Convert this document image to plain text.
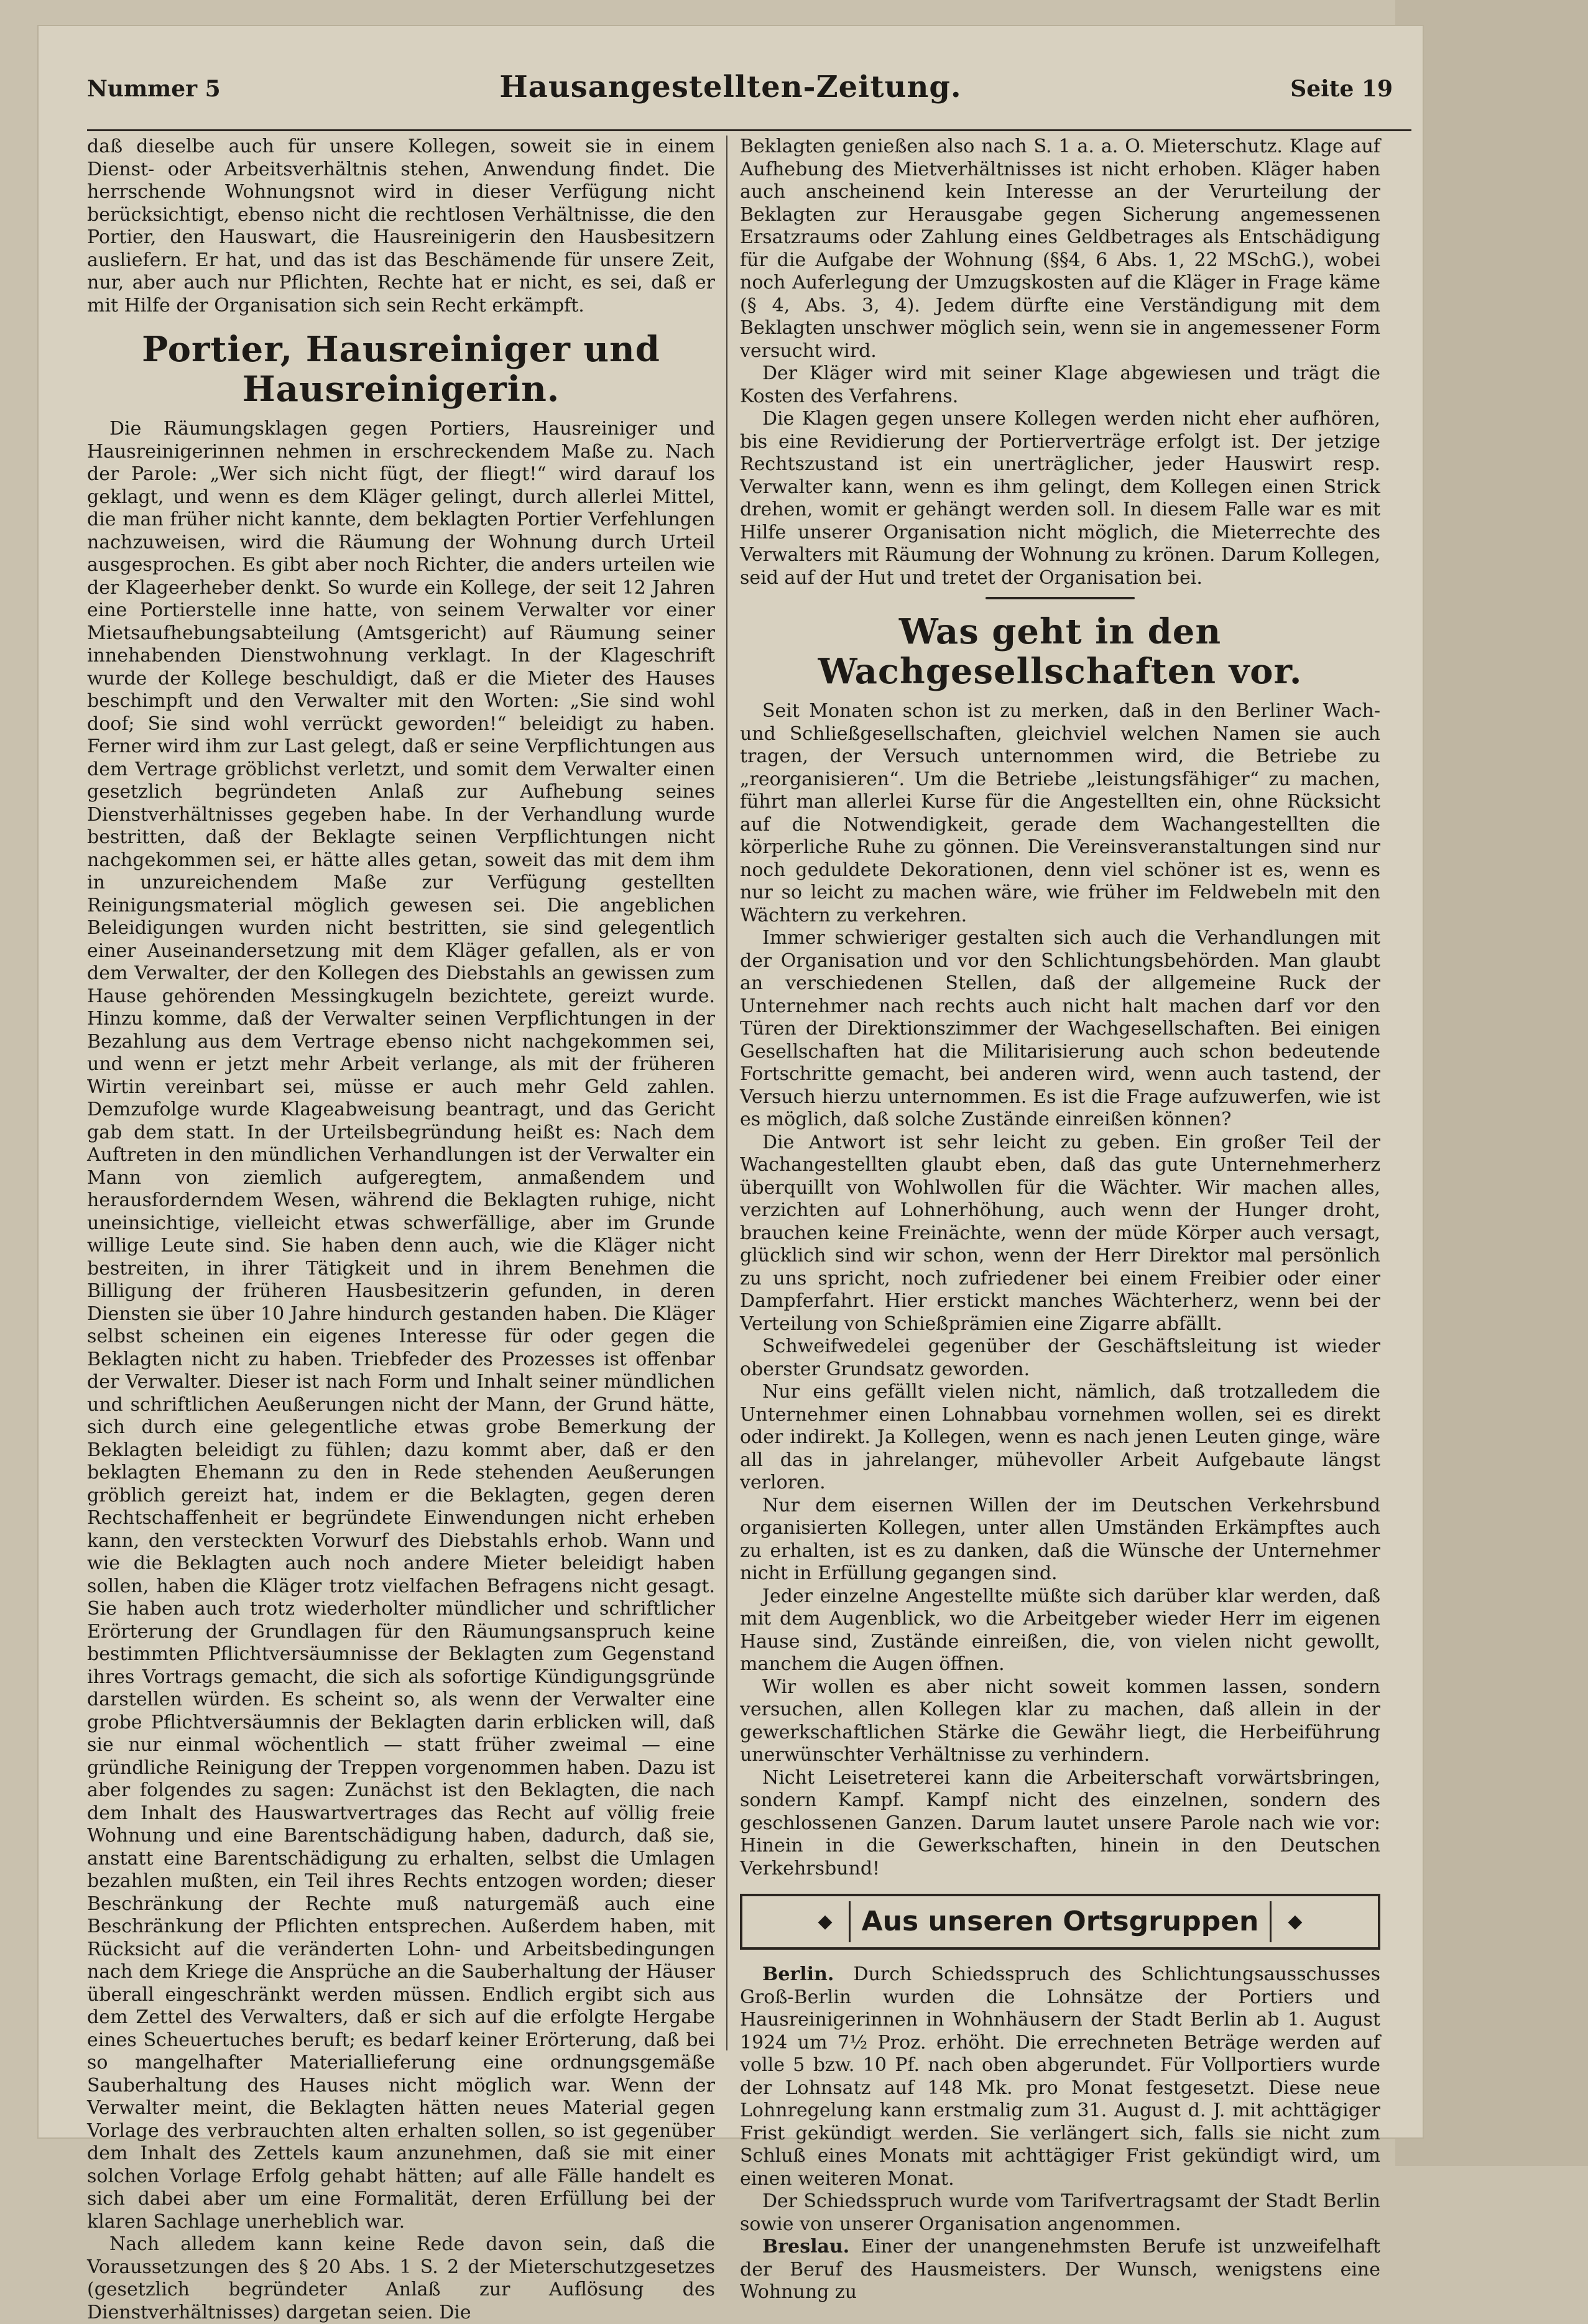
Nummer 5	Hausangestellten-Zeitung.	Seite 19

daß dieselbe auch für unsere Kollegen, soweit sie in einem Dienst- oder Arbeitsverhältnis stehen, Anwendung findet. Die herrschende Wohnungsnot wird in dieser Verfügung nicht berücksichtigt, ebenso nicht die rechtlosen Verhältnisse, die den Portier, den Hauswart, die Hausreinigerin den Hausbesitzern ausliefern. Er hat, und das ist das Beschämende für unsere Zeit, nur, aber auch nur Pflichten, Rechte hat er nicht, es sei, daß er mit Hilfe der Organisation sich sein Recht erkämpft.

Portier, Hausreiniger und Hausreinigerin.

Die Räumungsklagen gegen Portiers, Hausreiniger und Hausreinigerinnen nehmen in erschreckendem Maße zu. Nach der Parole: „Wer sich nicht fügt, der fliegt!“ wird darauf los geklagt, und wenn es dem Kläger gelingt, durch allerlei Mittel, die man früher nicht kannte, dem beklagten Portier Verfehlungen nachzuweisen, wird die Räumung der Wohnung durch Urteil ausgesprochen. Es gibt aber noch Richter, die anders urteilen wie der Klageerheber denkt. So wurde ein Kollege, der seit 12 Jahren eine Portierstelle inne hatte, von seinem Verwalter vor einer Mietsaufhebungsabteilung (Amtsgericht) auf Räumung seiner innehabenden Dienstwohnung verklagt. In der Klageschrift wurde der Kollege beschuldigt, daß er die Mieter des Hauses beschimpft und den Verwalter mit den Worten: „Sie sind wohl doof; Sie sind wohl verrückt geworden!“ beleidigt zu haben. Ferner wird ihm zur Last gelegt, daß er seine Verpflichtungen aus dem Vertrage gröblichst verletzt, und somit dem Verwalter einen gesetzlich begründeten Anlaß zur Aufhebung seines Dienstverhältnisses gegeben habe. In der Verhandlung wurde bestritten, daß der Beklagte seinen Verpflichtungen nicht nachgekommen sei, er hätte alles getan, soweit das mit dem ihm in unzureichendem Maße zur Verfügung gestellten Reinigungsmaterial möglich gewesen sei. Die angeblichen Beleidigungen wurden nicht bestritten, sie sind gelegentlich einer Auseinandersetzung mit dem Kläger gefallen, als er von dem Verwalter, der den Kollegen des Diebstahls an gewissen zum Hause gehörenden Messingkugeln bezichtete, gereizt wurde. Hinzu komme, daß der Verwalter seinen Verpflichtungen in der Bezahlung aus dem Vertrage ebenso nicht nachgekommen sei, und wenn er jetzt mehr Arbeit verlange, als mit der früheren Wirtin vereinbart sei, müsse er auch mehr Geld zahlen. Demzufolge wurde Klageabweisung beantragt, und das Gericht gab dem statt. In der Urteilsbegründung heißt es: Nach dem Auftreten in den mündlichen Verhandlungen ist der Verwalter ein Mann von ziemlich aufgeregtem, anmaßendem und herausforderndem Wesen, während die Beklagten ruhige, nicht uneinsichtige, vielleicht etwas schwerfällige, aber im Grunde willige Leute sind. Sie haben denn auch, wie die Kläger nicht bestreiten, in ihrer Tätigkeit und in ihrem Benehmen die Billigung der früheren Hausbesitzerin gefunden, in deren Diensten sie über 10 Jahre hindurch gestanden haben. Die Kläger selbst scheinen ein eigenes Interesse für oder gegen die Beklagten nicht zu haben. Triebfeder des Prozesses ist offenbar der Verwalter. Dieser ist nach Form und Inhalt seiner mündlichen und schriftlichen Aeußerungen nicht der Mann, der Grund hätte, sich durch eine gelegentliche etwas grobe Bemerkung der Beklagten beleidigt zu fühlen; dazu kommt aber, daß er den beklagten Ehemann zu den in Rede stehenden Aeußerungen gröblich gereizt hat, indem er die Beklagten, gegen deren Rechtschaffenheit er begründete Einwendungen nicht erheben kann, den versteckten Vorwurf des Diebstahls erhob. Wann und wie die Beklagten auch noch andere Mieter beleidigt haben sollen, haben die Kläger trotz vielfachen Befragens nicht gesagt. Sie haben auch trotz wiederholter mündlicher und schriftlicher Erörterung der Grundlagen für den Räumungsanspruch keine bestimmten Pflichtversäumnisse der Beklagten zum Gegenstand ihres Vortrags gemacht, die sich als sofortige Kündigungsgründe darstellen würden. Es scheint so, als wenn der Verwalter eine grobe Pflichtversäumnis der Beklagten darin erblicken will, daß sie nur einmal wöchentlich — statt früher zweimal — eine gründliche Reinigung der Treppen vorgenommen haben. Dazu ist aber folgendes zu sagen: Zunächst ist den Beklagten, die nach dem Inhalt des Hauswartvertrages das Recht auf völlig freie Wohnung und eine Barentschädigung haben, dadurch, daß sie, anstatt eine Barentschädigung zu erhalten, selbst die Umlagen bezahlen mußten, ein Teil ihres Rechts entzogen worden; dieser Beschränkung der Rechte muß naturgemäß auch eine Beschränkung der Pflichten entsprechen. Außerdem haben, mit Rücksicht auf die veränderten Lohn- und Arbeitsbedingungen nach dem Kriege die Ansprüche an die Sauberhaltung der Häuser überall eingeschränkt werden müssen. Endlich ergibt sich aus dem Zettel des Verwalters, daß er sich auf die erfolgte Hergabe eines Scheuertuches beruft; es bedarf keiner Erörterung, daß bei so mangelhafter Materiallieferung eine ordnungsgemäße Sauberhaltung des Hauses nicht möglich war. Wenn der Verwalter meint, die Beklagten hätten neues Material gegen Vorlage des verbrauchten alten erhalten sollen, so ist gegenüber dem Inhalt des Zettels kaum anzunehmen, daß sie mit einer solchen Vorlage Erfolg gehabt hätten; auf alle Fälle handelt es sich dabei aber um eine Formalität, deren Erfüllung bei der klaren Sachlage unerheblich war.

Nach alledem kann keine Rede davon sein, daß die Voraussetzungen des § 20 Abs. 1 S. 2 der Mieterschutzgesetzes (gesetzlich begründeter Anlaß zur Auflösung des Dienstverhältnisses) dargetan seien. Die

Beklagten genießen also nach S. 1 a. a. O. Mieterschutz. Klage auf Aufhebung des Mietverhältnisses ist nicht erhoben. Kläger haben auch anscheinend kein Interesse an der Verurteilung der Beklagten zur Herausgabe gegen Sicherung angemessenen Ersatzraums oder Zahlung eines Geldbetrages als Entschädigung für die Aufgabe der Wohnung (§§4, 6 Abs. 1, 22 MSchG.), wobei noch Auferlegung der Umzugskosten auf die Kläger in Frage käme (§ 4, Abs. 3, 4). Jedem dürfte eine Verständigung mit dem Beklagten unschwer möglich sein, wenn sie in angemessener Form versucht wird.

Der Kläger wird mit seiner Klage abgewiesen und trägt die Kosten des Verfahrens.

Die Klagen gegen unsere Kollegen werden nicht eher aufhören, bis eine Revidierung der Portierverträge erfolgt ist. Der jetzige Rechtszustand ist ein unerträglicher, jeder Hauswirt resp. Verwalter kann, wenn es ihm gelingt, dem Kollegen einen Strick drehen, womit er gehängt werden soll. In diesem Falle war es mit Hilfe unserer Organisation nicht möglich, die Mieterrechte des Verwalters mit Räumung der Wohnung zu krönen. Darum Kollegen, seid auf der Hut und tretet der Organisation bei.

Was geht in den Wachgesellschaften vor.

Seit Monaten schon ist zu merken, daß in den Berliner Wach- und Schließgesellschaften, gleichviel welchen Namen sie auch tragen, der Versuch unternommen wird, die Betriebe zu „reorganisieren“. Um die Betriebe „leistungsfähiger“ zu machen, führt man allerlei Kurse für die Angestellten ein, ohne Rücksicht auf die Notwendigkeit, gerade dem Wachangestellten die körperliche Ruhe zu gönnen. Die Vereinsveranstaltungen sind nur noch geduldete Dekorationen, denn viel schöner ist es, wenn es nur so leicht zu machen wäre, wie früher im Feldwebeln mit den Wächtern zu verkehren.

Immer schwieriger gestalten sich auch die Verhandlungen mit der Organisation und vor den Schlichtungsbehörden. Man glaubt an verschiedenen Stellen, daß der allgemeine Ruck der Unternehmer nach rechts auch nicht halt machen darf vor den Türen der Direktionszimmer der Wachgesellschaften. Bei einigen Gesellschaften hat die Militarisierung auch schon bedeutende Fortschritte gemacht, bei anderen wird, wenn auch tastend, der Versuch hierzu unternommen. Es ist die Frage aufzuwerfen, wie ist es möglich, daß solche Zustände einreißen können?

Die Antwort ist sehr leicht zu geben. Ein großer Teil der Wachangestellten glaubt eben, daß das gute Unternehmerherz überquillt von Wohlwollen für die Wächter. Wir machen alles, verzichten auf Lohnerhöhung, auch wenn der Hunger droht, brauchen keine Freinächte, wenn der müde Körper auch versagt, glücklich sind wir schon, wenn der Herr Direktor mal persönlich zu uns spricht, noch zufriedener bei einem Freibier oder einer Dampferfahrt. Hier erstickt manches Wächterherz, wenn bei der Verteilung von Schießprämien eine Zigarre abfällt.

Schweifwedelei gegenüber der Geschäftsleitung ist wieder oberster Grundsatz geworden.

Nur eins gefällt vielen nicht, nämlich, daß trotzalledem die Unternehmer einen Lohnabbau vornehmen wollen, sei es direkt oder indirekt. Ja Kollegen, wenn es nach jenen Leuten ginge, wäre all das in jahrelanger, mühevoller Arbeit Aufgebaute längst verloren.

Nur dem eisernen Willen der im Deutschen Verkehrsbund organisierten Kollegen, unter allen Umständen Erkämpftes auch zu erhalten, ist es zu danken, daß die Wünsche der Unternehmer nicht in Erfüllung gegangen sind.

Jeder einzelne Angestellte müßte sich darüber klar werden, daß mit dem Augenblick, wo die Arbeitgeber wieder Herr im eigenen Hause sind, Zustände einreißen, die, von vielen nicht gewollt, manchem die Augen öffnen.

Wir wollen es aber nicht soweit kommen lassen, sondern versuchen, allen Kollegen klar zu machen, daß allein in der gewerkschaftlichen Stärke die Gewähr liegt, die Herbeiführung unerwünschter Verhältnisse zu verhindern.

Nicht Leisetreterei kann die Arbeiterschaft vorwärtsbringen, sondern Kampf. Kampf nicht des einzelnen, sondern des geschlossenen Ganzen. Darum lautet unsere Parole nach wie vor: Hinein in die Gewerkschaften, hinein in den Deutschen Verkehrsbund!

◆	Aus unseren Ortsgruppen	◆

Berlin. Durch Schiedsspruch des Schlichtungsausschusses Groß-Berlin wurden die Lohnsätze der Portiers und Hausreinigerinnen in Wohnhäusern der Stadt Berlin ab 1. August 1924 um 7½ Proz. erhöht. Die errechneten Beträge werden auf volle 5 bzw. 10 Pf. nach oben abgerundet. Für Vollportiers wurde der Lohnsatz auf 148 Mk. pro Monat festgesetzt. Diese neue Lohnregelung kann erstmalig zum 31. August d. J. mit achttägiger Frist gekündigt werden. Sie verlängert sich, falls sie nicht zum Schluß eines Monats mit achttägiger Frist gekündigt wird, um einen weiteren Monat.

Der Schiedsspruch wurde vom Tarifvertragsamt der Stadt Berlin sowie von unserer Organisation angenommen.

Breslau. Einer der unangenehmsten Berufe ist unzweifelhaft der Beruf des Hausmeisters. Der Wunsch, wenigstens eine Wohnung zu
